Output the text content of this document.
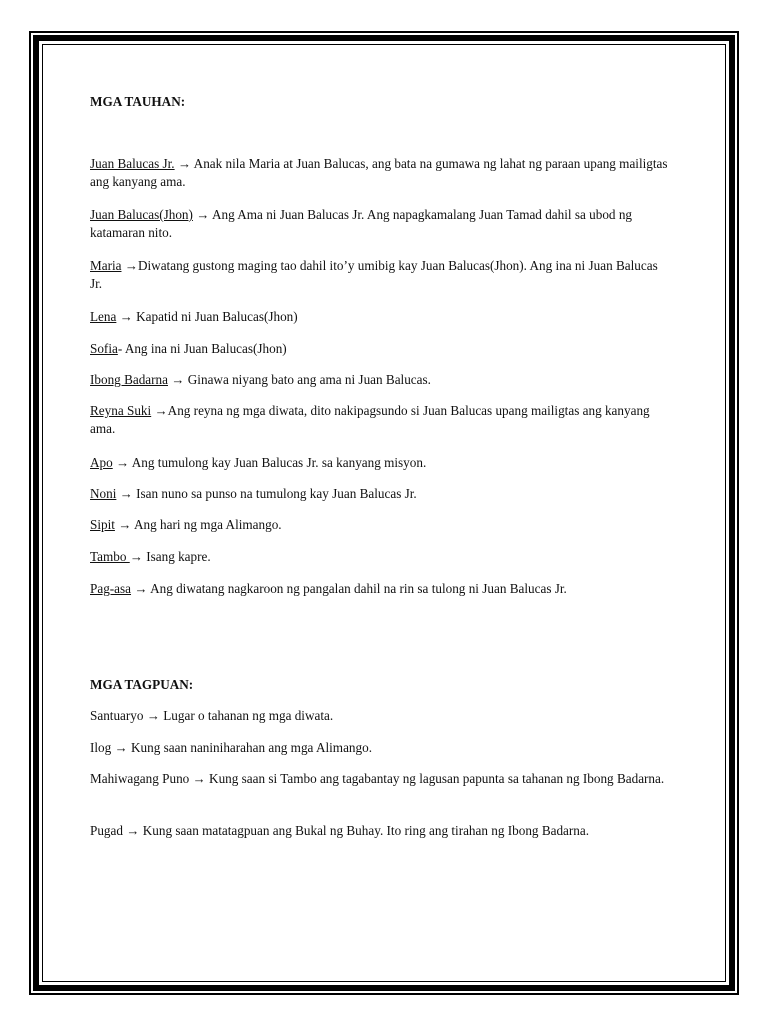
MGA TAUHAN:
Juan Balucas Jr. → Anak nila Maria at Juan Balucas, ang bata na gumawa ng lahat ng paraan upang mailigtas ang kanyang ama.
Juan Balucas(Jhon) → Ang Ama ni Juan Balucas Jr. Ang napagkamalang Juan Tamad dahil sa ubod ng katamaran nito.
Maria →Diwatang gustong maging tao dahil ito’y umibig kay Juan Balucas(Jhon). Ang ina ni Juan Balucas Jr.
Lena → Kapatid ni Juan Balucas(Jhon)
Sofia- Ang ina ni Juan Balucas(Jhon)
Ibong Badarna → Ginawa niyang bato ang ama ni Juan Balucas.
Reyna Suki →Ang reyna ng mga diwata, dito nakipagsundo si Juan Balucas upang mailigtas ang kanyang ama.
Apo → Ang tumulong kay Juan Balucas Jr. sa kanyang misyon.
Noni → Isan nuno sa punso na tumulong kay Juan Balucas Jr.
Sipit → Ang hari ng mga Alimango.
Tambo → Isang kapre.
Pag-asa → Ang diwatang nagkaroon ng pangalan dahil na rin sa tulong ni Juan Balucas Jr.
MGA TAGPUAN:
Santuaryo → Lugar o tahanan ng mga diwata.
Ilog → Kung saan naniniharahan ang mga Alimango.
Mahiwagang Puno → Kung saan si Tambo ang tagabantay ng lagusan papunta sa tahanan ng Ibong Badarna.
Pugad → Kung saan matatagpuan ang Bukal ng Buhay. Ito ring ang tirahan ng Ibong Badarna.
